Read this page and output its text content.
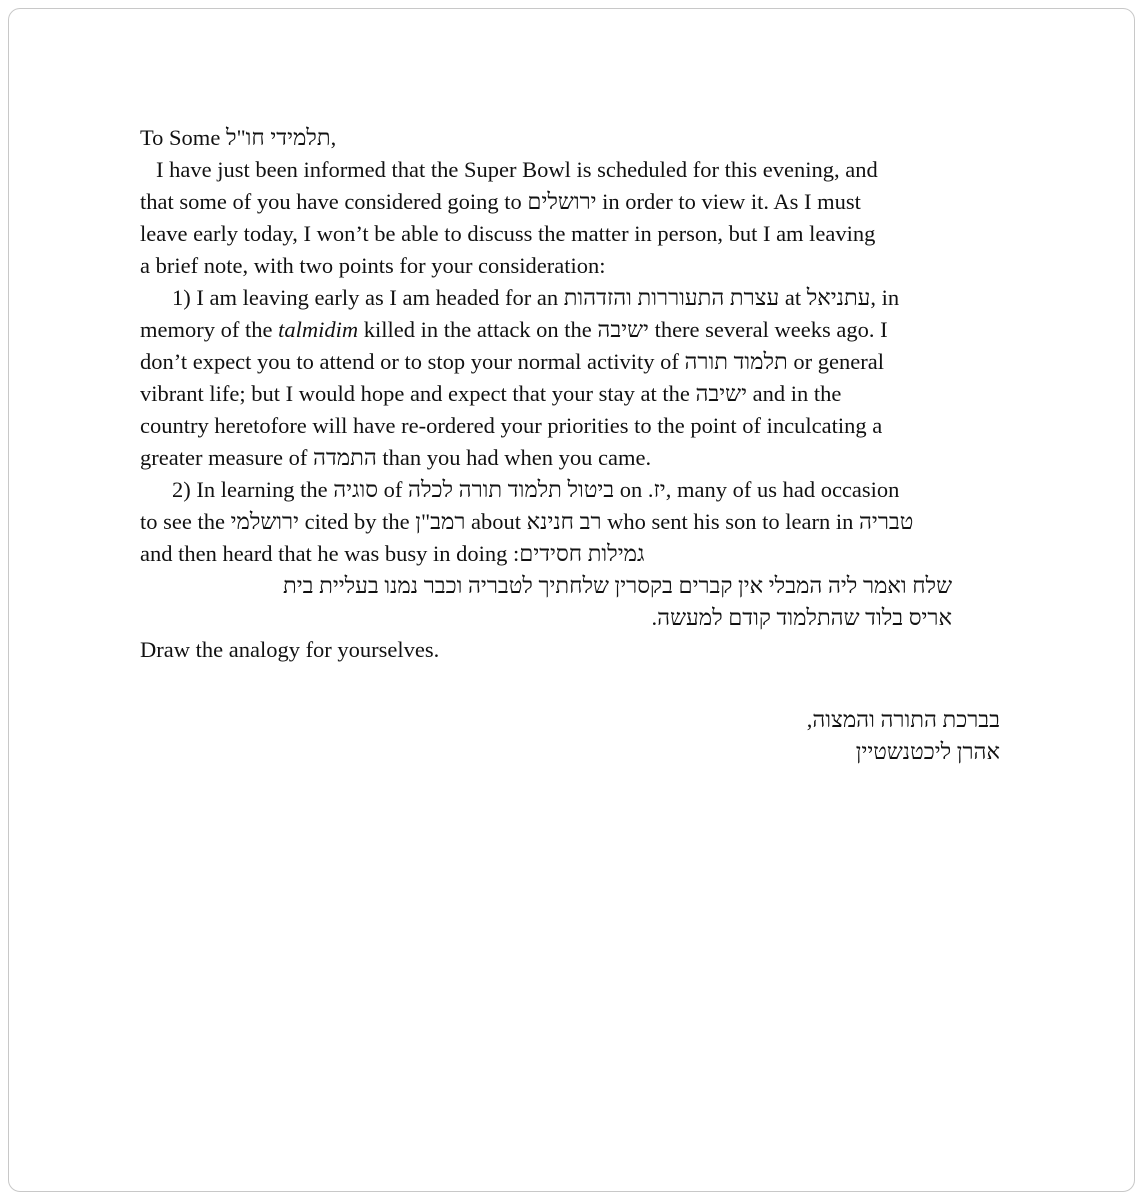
To Some תלמידי חו"ל,
I have just been informed that the Super Bowl is scheduled for this evening, and
that some of you have considered going to ירושלים in order to view it. As I must
leave early today, I won’t be able to discuss the matter in person, but I am leaving
a brief note, with two points for your consideration:
1) I am leaving early as I am headed for an עצרת התעוררות והזדהות at עתניאל, in
memory of the talmidim killed in the attack on the ישיבה there several weeks ago. I
don’t expect you to attend or to stop your normal activity of תלמוד תורה or general
vibrant life; but I would hope and expect that your stay at the ישיבה and in the
country heretofore will have re-ordered your priorities to the point of inculcating a
greater measure of התמדה than you had when you came.
2) In learning the סוגיה of ביטול תלמוד תורה לכלה on יז., many of us had occasion
to see the ירושלמי cited by the רמב"ן about רב חנינא who sent his son to learn in טבריה
and then heard that he was busy in doing גמילות חסידים:
שלח ואמר ליה המבלי אין קברים בקסרין שלחתיך לטבריה וכבר נמנו בעליית בית
אריס בלוד שהתלמוד קודם למעשה.
Draw the analogy for yourselves.
בברכת התורה והמצוה,
אהרן ליכטנשטיין
